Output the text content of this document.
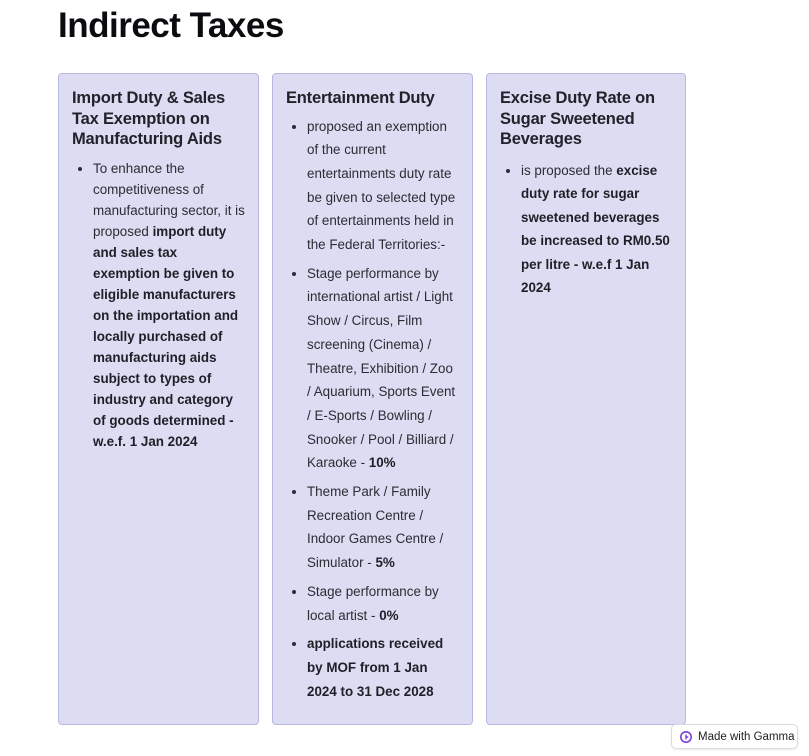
Indirect Taxes
Import Duty & Sales Tax Exemption on Manufacturing Aids
• To enhance the competitiveness of manufacturing sector, it is proposed import duty and sales tax exemption be given to eligible manufacturers on the importation and locally purchased of manufacturing aids subject to types of industry and category of goods determined - w.e.f. 1 Jan 2024
Entertainment Duty
• proposed an exemption of the current entertainments duty rate be given to selected type of entertainments held in the Federal Territories:-
• Stage performance by international artist / Light Show / Circus, Film screening (Cinema) / Theatre, Exhibition / Zoo / Aquarium, Sports Event / E-Sports / Bowling / Snooker / Pool / Billiard / Karaoke - 10%
• Theme Park / Family Recreation Centre / Indoor Games Centre / Simulator - 5%
• Stage performance by local artist - 0%
• applications received by MOF from 1 Jan 2024 to 31 Dec 2028
Excise Duty Rate on Sugar Sweetened Beverages
• is proposed the excise duty rate for sugar sweetened beverages be increased to RM0.50 per litre - w.e.f 1 Jan 2024
Made with Gamma
